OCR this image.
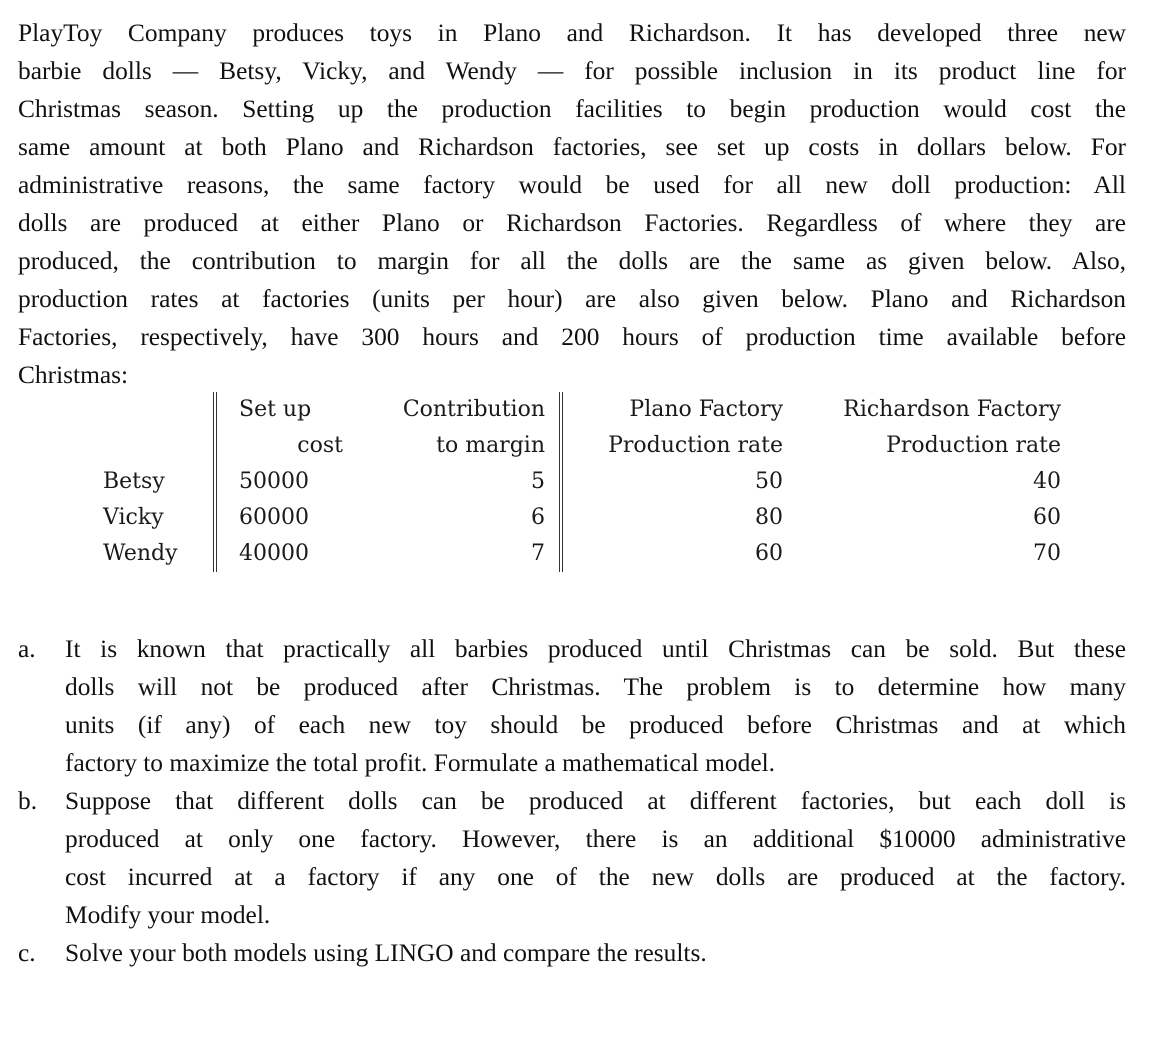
PlayToy Company produces toys in Plano and Richardson. It has developed three new
barbie dolls — Betsy, Vicky, and Wendy — for possible inclusion in its product line for
Christmas season. Setting up the production facilities to begin production would cost the
same amount at both Plano and Richardson factories, see set up costs in dollars below. For
administrative reasons, the same factory would be used for all new doll production: All
dolls are produced at either Plano or Richardson Factories. Regardless of where they are
produced, the contribution to margin for all the dolls are the same as given below. Also,
production rates at factories (units per hour) are also given below. Plano and Richardson
Factories, respectively, have 300 hours and 200 hours of production time available before
Christmas:

	Set up	Contribution	Plano Factory	Richardson Factory
	cost	to margin	Production rate	Production rate
Betsy	50000	5	50	40
Vicky	60000	6	80	60
Wendy	40000	7	60	70
a.	It is known that practically all barbies produced until Christmas can be sold. But these
dolls will not be produced after Christmas. The problem is to determine how many
units (if any) of each new toy should be produced before Christmas and at which
factory to maximize the total profit. Formulate a mathematical model.
b.	Suppose that different dolls can be produced at different factories, but each doll is
produced at only one factory. However, there is an additional $10000 administrative
cost incurred at a factory if any one of the new dolls are produced at the factory.
Modify your model.
c.	Solve your both models using LINGO and compare the results.
